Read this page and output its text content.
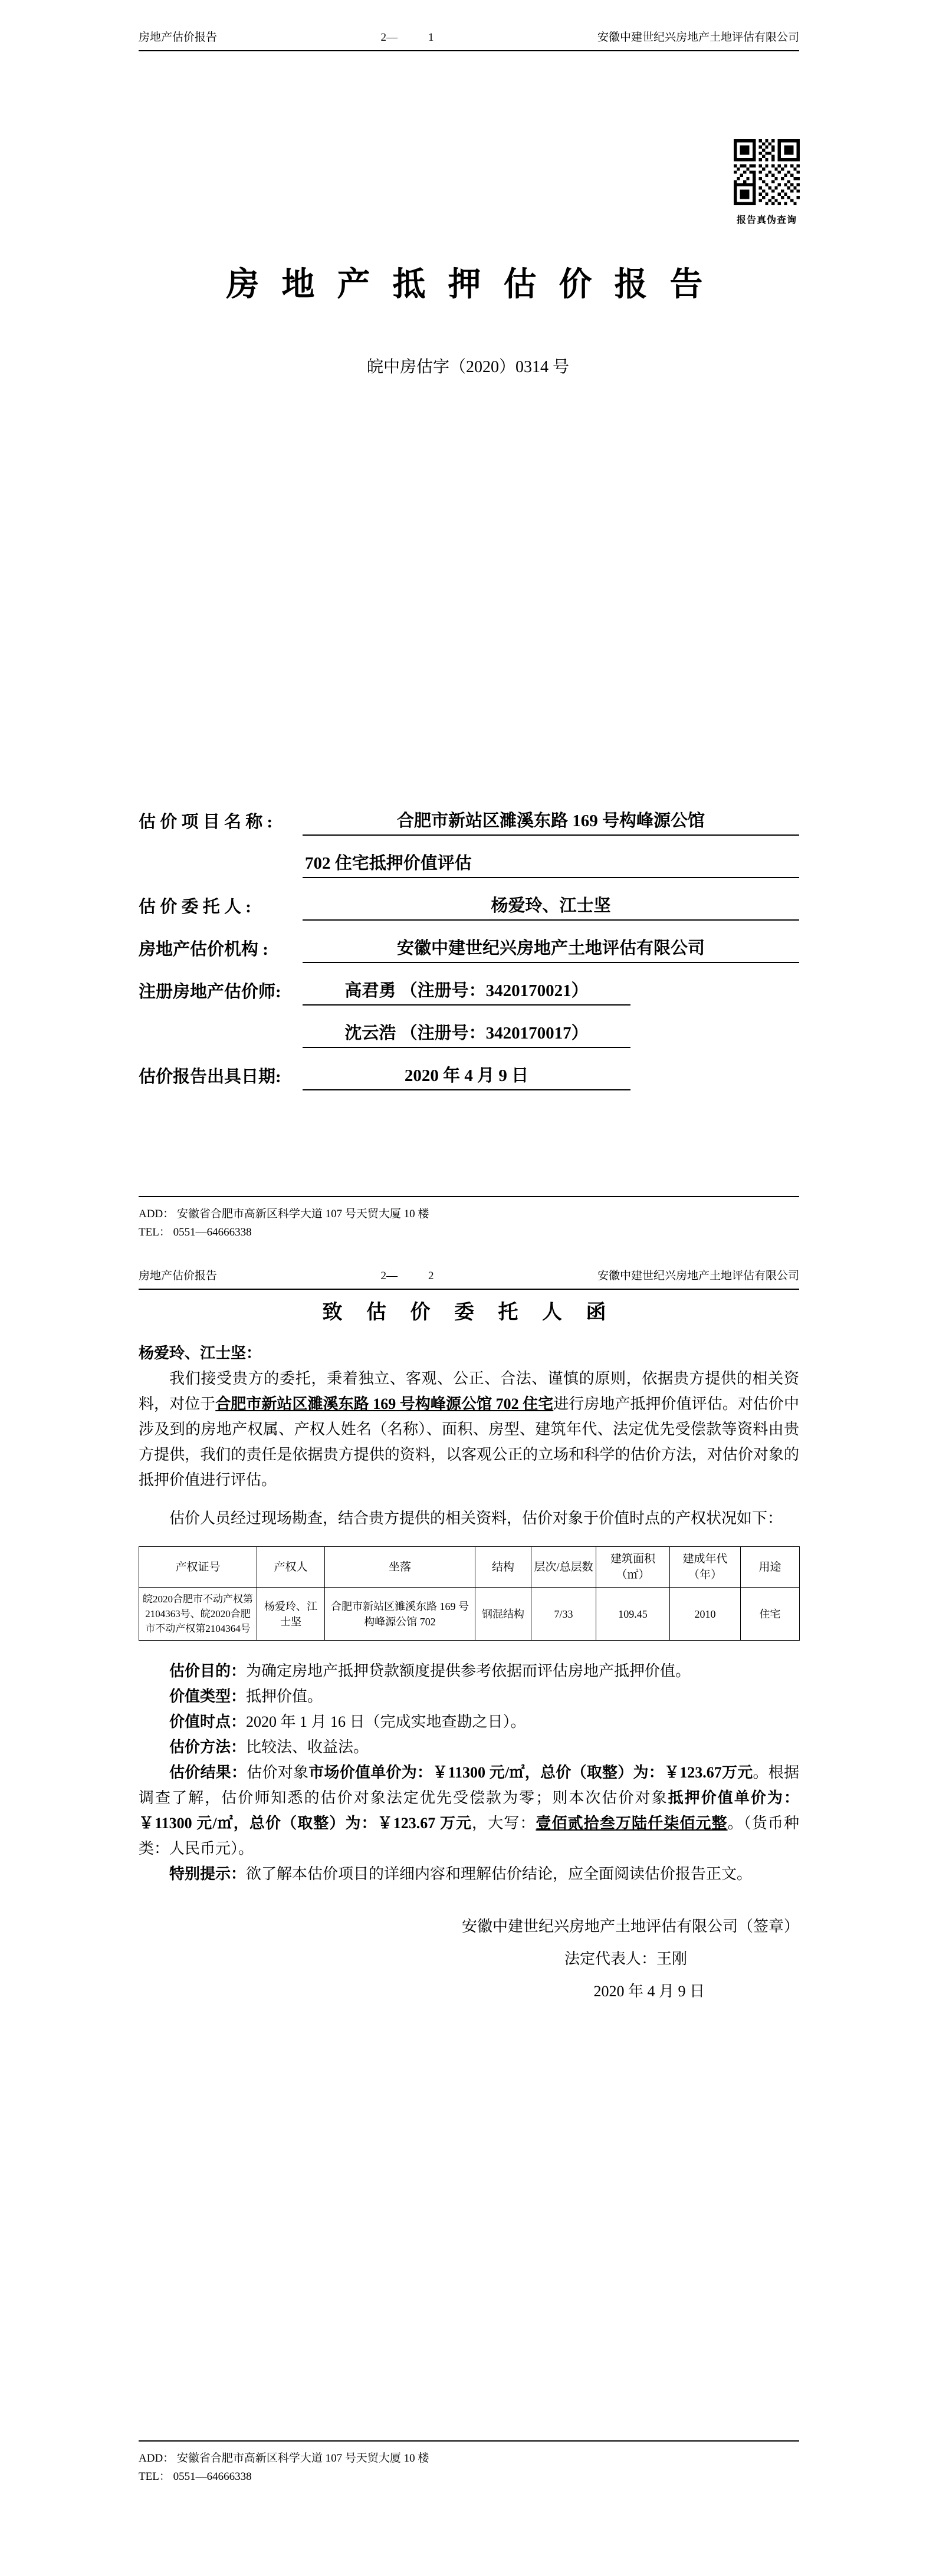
房地产估价报告	2—	1	安徽中建世纪兴房地产土地评估有限公司
报告真伪查询
房 地 产 抵 押 估 价 报 告
皖中房估字（2020）0314 号
估 价 项 目 名 称 :	合肥市新站区濉溪东路 169 号构峰源公馆
702 住宅抵押价值评估
估 价 委 托 人 :	杨爱玲、江士坚
房地产估价机构 :	安徽中建世纪兴房地产土地评估有限公司
注册房地产估价师:	高君勇 （注册号：3420170021）
沈云浩 （注册号：3420170017）
估价报告出具日期:	2020 年 4 月 9 日
ADD： 安徽省合肥市高新区科学大道 107 号天贸大厦 10 楼
TEL： 0551—64666338
房地产估价报告	2—	2	安徽中建世纪兴房地产土地评估有限公司
致 估 价 委 托 人 函

杨爱玲、江士坚：

我们接受贵方的委托，秉着独立、客观、公正、合法、谨慎的原则，依据贵方提供的相关资料，对位于合肥市新站区濉溪东路 169 号构峰源公馆 702 住宅进行房地产抵押价值评估。对估价中涉及到的房地产权属、产权人姓名（名称）、面积、房型、建筑年代、法定优先受偿款等资料由贵方提供，我们的责任是依据贵方提供的资料，以客观公正的立场和科学的估价方法，对估价对象的抵押价值进行评估。

估价人员经过现场勘查，结合贵方提供的相关资料，估价对象于价值时点的产权状况如下：

产权证号	产权人	坐落	结构	层次/总层数	建筑面积（㎡）	建成年代（年）	用途
皖2020合肥市不动产权第2104363号、皖2020合肥市不动产权第2104364号	杨爱玲、江士坚	合肥市新站区濉溪东路 169 号构峰源公馆 702	钢混结构	7/33	109.45	2010	住宅

估价目的：为确定房地产抵押贷款额度提供参考依据而评估房地产抵押价值。

价值类型：抵押价值。

价值时点：2020 年 1 月 16 日（完成实地查勘之日）。

估价方法：比较法、收益法。

估价结果：估价对象市场价值单价为：￥11300 元/㎡，总价（取整）为：￥123.67万元。根据调查了解，估价师知悉的估价对象法定优先受偿款为零；则本次估价对象抵押价值单价为：￥11300 元/㎡，总价（取整）为：￥123.67 万元，大写：壹佰贰拾叁万陆仟柒佰元整。（货币种类：人民币元）。

特别提示：欲了解本估价项目的详细内容和理解估价结论，应全面阅读估价报告正文。

安徽中建世纪兴房地产土地评估有限公司（签章）

法定代表人：王刚

2020 年 4 月 9 日

ADD： 安徽省合肥市高新区科学大道 107 号天贸大厦 10 楼
TEL： 0551—64666338
